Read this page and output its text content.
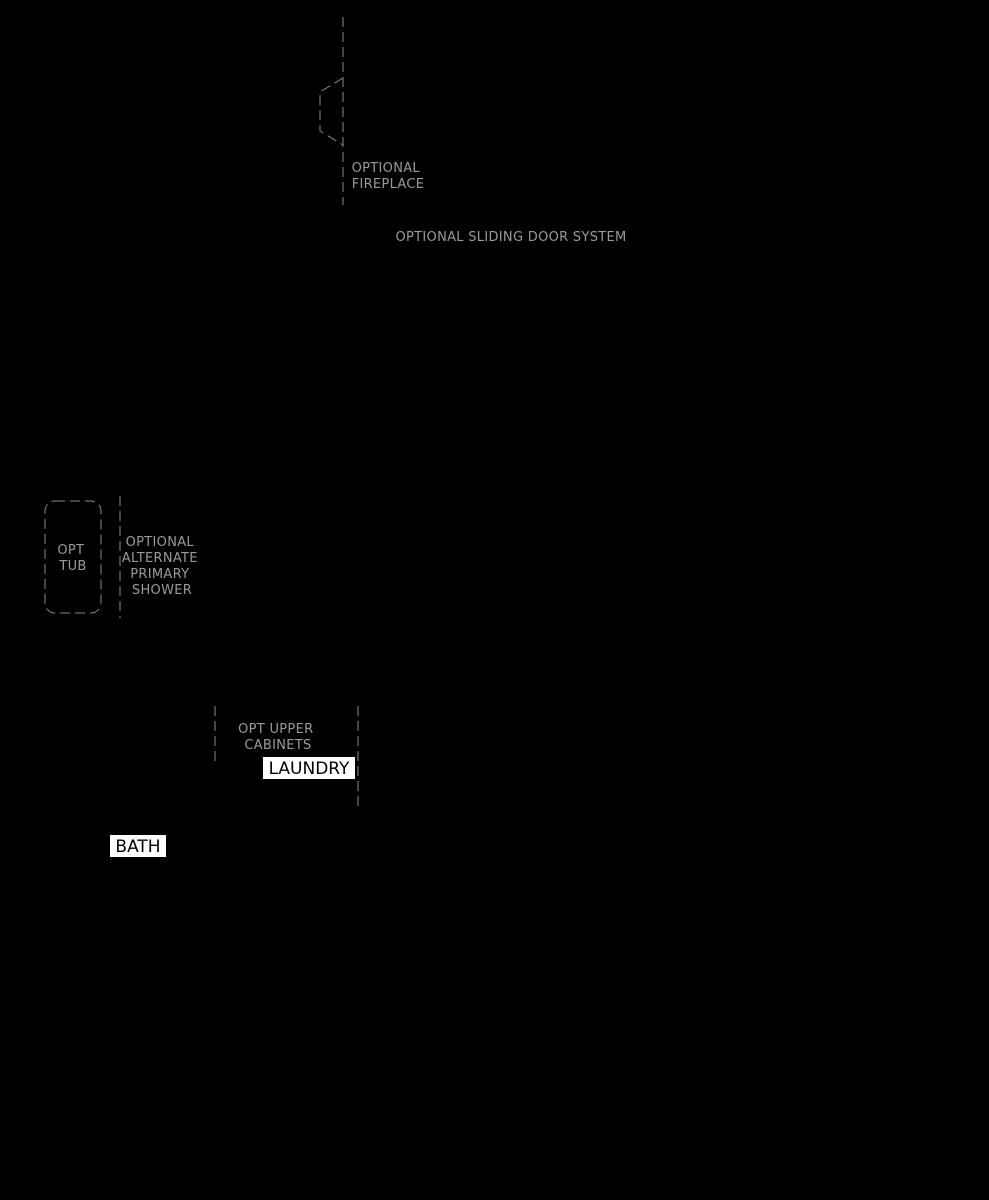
OPTIONAL FIREPLACE
OPTIONAL SLIDING DOOR SYSTEM
OPT TUB
OPTIONAL ALTERNATE PRIMARY SHOWER
OPT UPPER CABINETS
LAUNDRY
BATH
